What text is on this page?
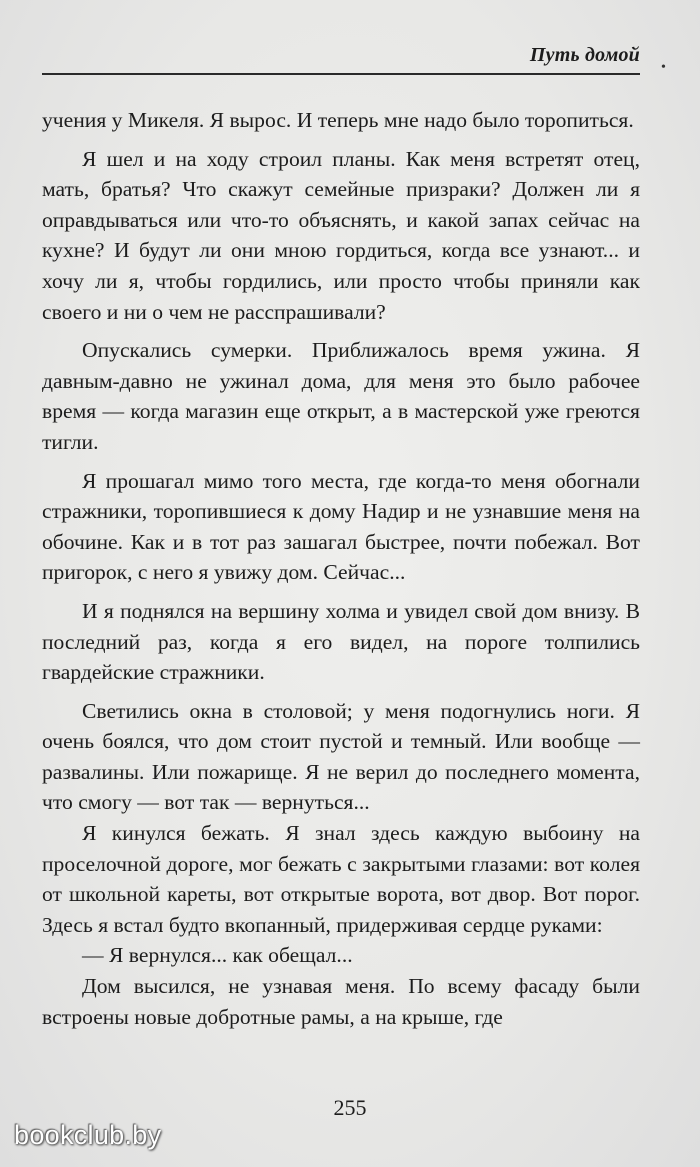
Путь домой
•

учения у Микеля. Я вырос. И теперь мне надо было торопиться.

Я шел и на ходу строил планы. Как меня встретят отец, мать, братья? Что скажут семейные призраки? Должен ли я оправдываться или что-то объяснять, и какой запах сейчас на кухне? И будут ли они мною гордиться, когда все узнают... и хочу ли я, чтобы гордились, или просто чтобы приняли как своего и ни о чем не расспрашивали?

Опускались сумерки. Приближалось время ужина. Я давным-давно не ужинал дома, для меня это было рабочее время — когда магазин еще открыт, а в мастерской уже греются тигли.

Я прошагал мимо того места, где когда-то меня обогнали стражники, торопившиеся к дому Надир и не узнавшие меня на обочине. Как и в тот раз зашагал быстрее, почти побежал. Вот пригорок, с него я увижу дом. Сейчас...

И я поднялся на вершину холма и увидел свой дом внизу. В последний раз, когда я его видел, на пороге толпились гвардейские стражники.

Светились окна в столовой; у меня подогнулись ноги. Я очень боялся, что дом стоит пустой и темный. Или вообще — развалины. Или пожарище. Я не верил до последнего момента, что смогу — вот так — вернуться...

Я кинулся бежать. Я знал здесь каждую выбоину на проселочной дороге, мог бежать с закрытыми глазами: вот колея от школьной кареты, вот открытые ворота, вот двор. Вот порог. Здесь я встал будто вкопанный, придерживая сердце руками:

— Я вернулся... как обещал...

Дом высился, не узнавая меня. По всему фасаду были встроены новые добротные рамы, а на крыше, где

255
bookclub.by
